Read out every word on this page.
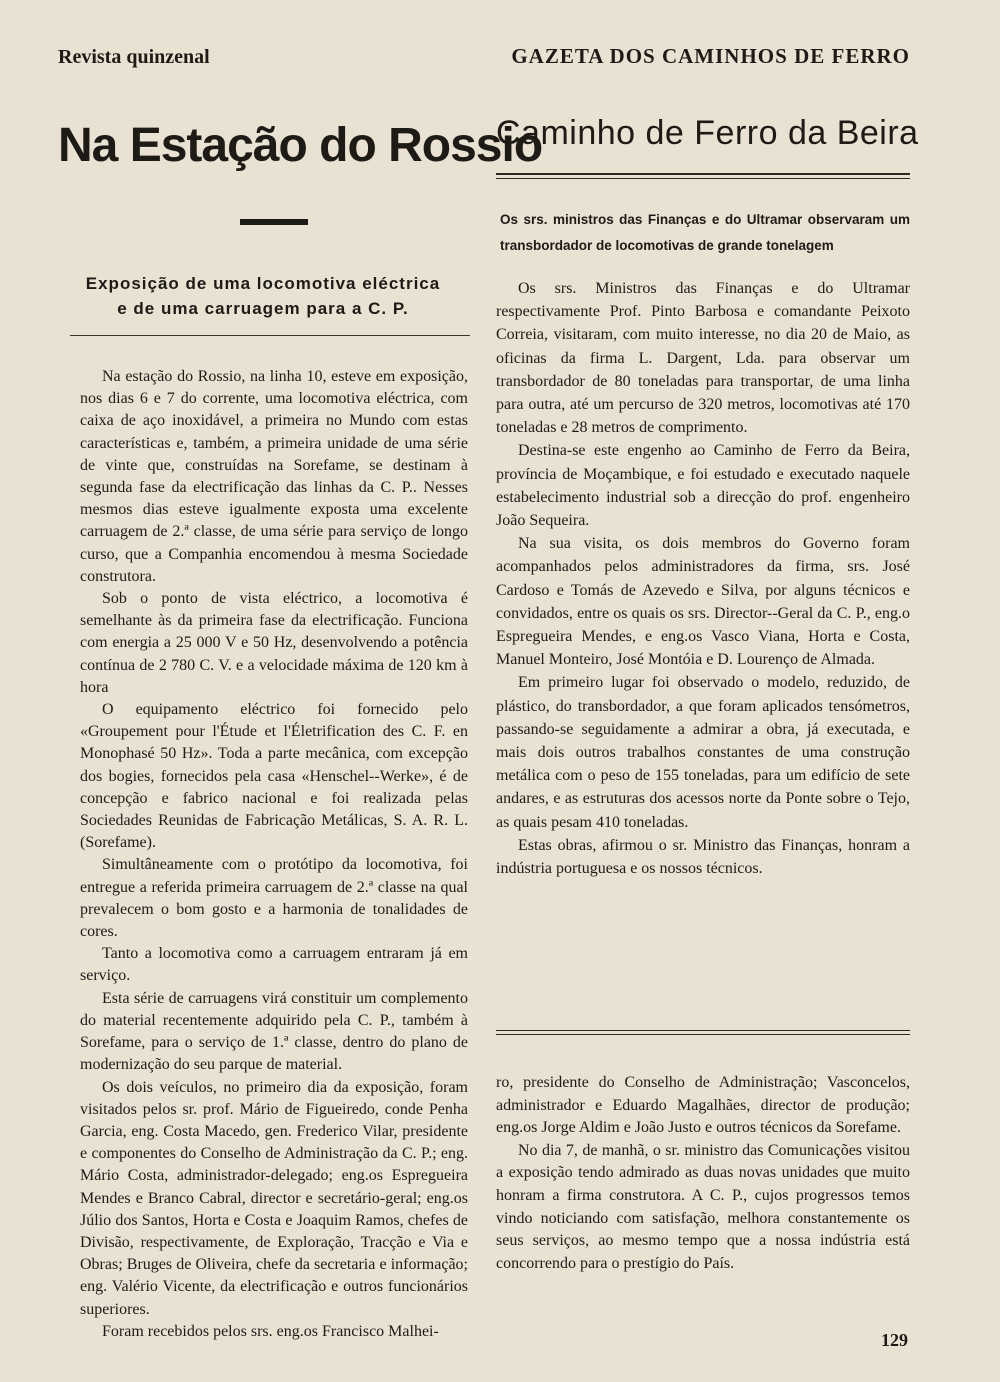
Revista quinzenal	GAZETA DOS CAMINHOS DE FERRO
Na Estação do Rossio
Exposição de uma locomotiva eléctrica
e de uma carruagem para a C. P.

Na estação do Rossio, na linha 10, esteve em exposição, nos dias 6 e 7 do corrente, uma locomotiva eléctrica, com caixa de aço inoxidável, a primeira no Mundo com estas características e, também, a primeira unidade de uma série de vinte que, construídas na Sorefame, se destinam à segunda fase da electrificação das linhas da C. P.. Nesses mesmos dias esteve igualmente exposta uma excelente carruagem de 2.ª classe, de uma série para serviço de longo curso, que a Companhia encomendou à mesma Sociedade construtora.

Sob o ponto de vista eléctrico, a locomotiva é semelhante às da primeira fase da electrificação. Funciona com energia a 25 000 V e 50 Hz, desenvolvendo a potência contínua de 2 780 C. V. e a velocidade máxima de 120 km à hora

O equipamento eléctrico foi fornecido pelo «Groupement pour l'Étude et l'Életrification des C. F. en Monophasé 50 Hz». Toda a parte mecânica, com excepção dos bogies, fornecidos pela casa «Henschel--Werke», é de concepção e fabrico nacional e foi realizada pelas Sociedades Reunidas de Fabricação Metálicas, S. A. R. L. (Sorefame).

Simultâneamente com o protótipo da locomotiva, foi entregue a referida primeira carruagem de 2.ª classe na qual prevalecem o bom gosto e a harmonia de tonalidades de cores.

Tanto a locomotiva como a carruagem entraram já em serviço.

Esta série de carruagens virá constituir um complemento do material recentemente adquirido pela C. P., também à Sorefame, para o serviço de 1.ª classe, dentro do plano de modernização do seu parque de material.

Os dois veículos, no primeiro dia da exposição, foram visitados pelos sr. prof. Mário de Figueiredo, conde Penha Garcia, eng. Costa Macedo, gen. Frederico Vilar, presidente e componentes do Conselho de Administração da C. P.; eng. Mário Costa, administrador-delegado; eng.os Espregueira Mendes e Branco Cabral, director e secretário-geral; eng.os Júlio dos Santos, Horta e Costa e Joaquim Ramos, chefes de Divisão, respectivamente, de Exploração, Tracção e Via e Obras; Bruges de Oliveira, chefe da secretaria e informação; eng. Valério Vicente, da electrificação e outros funcionários superiores.

Foram recebidos pelos srs. eng.os Francisco Malhei-

Caminho de Ferro da Beira
Os srs. ministros das Finanças e do Ultramar observaram um transbordador de locomotivas de grande tonelagem

Os srs. Ministros das Finanças e do Ultramar respectivamente Prof. Pinto Barbosa e comandante Peixoto Correia, visitaram, com muito interesse, no dia 20 de Maio, as oficinas da firma L. Dargent, Lda. para observar um transbordador de 80 toneladas para transportar, de uma linha para outra, até um percurso de 320 metros, locomotivas até 170 toneladas e 28 metros de comprimento.

Destina-se este engenho ao Caminho de Ferro da Beira, província de Moçambique, e foi estudado e executado naquele estabelecimento industrial sob a direcção do prof. engenheiro João Sequeira.

Na sua visita, os dois membros do Governo foram acompanhados pelos administradores da firma, srs. José Cardoso e Tomás de Azevedo e Silva, por alguns técnicos e convidados, entre os quais os srs. Director--Geral da C. P., eng.o Espregueira Mendes, e eng.os Vasco Viana, Horta e Costa, Manuel Monteiro, José Montóia e D. Lourenço de Almada.

Em primeiro lugar foi observado o modelo, reduzido, de plástico, do transbordador, a que foram aplicados tensómetros, passando-se seguidamente a admirar a obra, já executada, e mais dois outros trabalhos constantes de uma construção metálica com o peso de 155 toneladas, para um edifício de sete andares, e as estruturas dos acessos norte da Ponte sobre o Tejo, as quais pesam 410 toneladas.

Estas obras, afirmou o sr. Ministro das Finanças, honram a indústria portuguesa e os nossos técnicos.

ro, presidente do Conselho de Administração; Vasconcelos, administrador e Eduardo Magalhães, director de produção; eng.os Jorge Aldim e João Justo e outros técnicos da Sorefame.

No dia 7, de manhã, o sr. ministro das Comunicações visitou a exposição tendo admirado as duas novas unidades que muito honram a firma construtora. A C. P., cujos progressos temos vindo noticiando com satisfação, melhora constantemente os seus serviços, ao mesmo tempo que a nossa indústria está concorrendo para o prestígio do País.

129
